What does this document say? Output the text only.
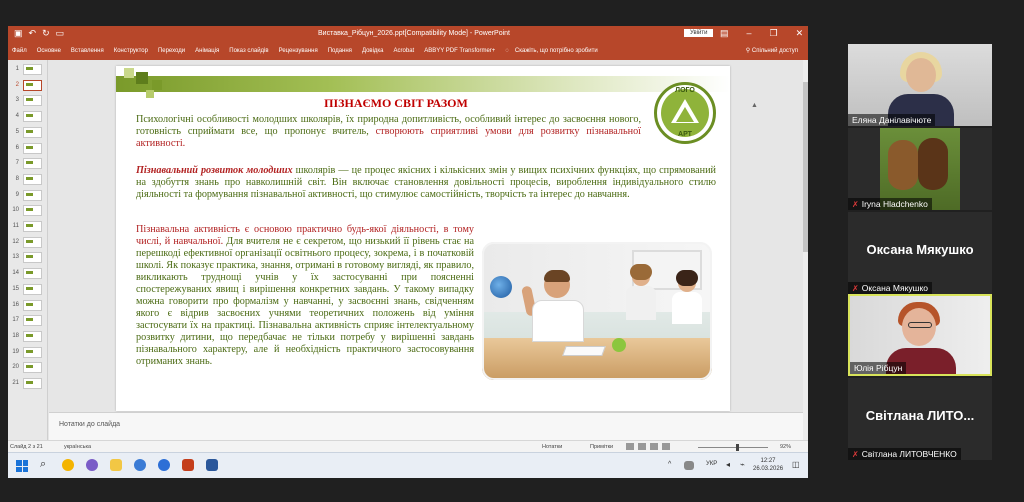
▣ ↶ ↻ ▭	Виставка_Рібцун_2026.ppt[Compatibility Mode] - PowerPoint	Увійти	▤ – ❐ ✕
Файл Основне Вставлення Конструктор Переходи Анімація Показ слайдів Рецензування Подання Довідка Acrobat ABBYY PDF Transformer+ ◌ Скажіть, що потрібно зробити	⚲ Спільний доступ
1
2
3
4
5
6
7
8
9
10
11
12
13
14
15
16
17
18
19
20
21
ЛОГО
АРТ
ПІЗНАЄМО СВІТ РАЗОМ
Психологічні особливості молодших школярів, їх природна допитливість, особливий інтерес до засвоєння нового, готовність сприймати все, що пропонує вчитель, створюють сприятливі умови для розвитку пізнавальної активності.
Пізнавальний розвиток молодших школярів — це процес якісних і кількісних змін у вищих психічних функціях, що спрямований на здобуття знань про навколишній світ. Він включає становлення довільності процесів, вироблення індивідуального стилю діяльності та формування пізнавальної активності, що стимулює самостійність, творчість та інтерес до навчання.
Пізнавальна активність є основою практично будь-якої діяльності, в тому числі, й навчальної. Для вчителя не є секретом, що низький її рівень стає на перешкоді ефективної організації освітнього процесу, зокрема, і в початковій школі. Як показує практика, знання, отримані в готовому вигляді, як правило, викликають труднощі учнів у їх застосуванні при поясненні спостережуваних явищ і вирішення конкретних завдань. У такому випадку можна говорити про формалізм у навчанні, у засвоєнні знань, свідченням якого є відрив засвоєних учнями теоретичних положень від уміння застосувати їх на практиці. Пізнавальна активність сприяє інтелектуальному розвитку дитини, що передбачає не тільки потребу у вирішенні завдань пізнавального характеру, але й необхідність практичного застосовування отриманих знань.
▲
Нотатки до слайда
Слайд 2 з 21	українська	Нотатки	Примітки	92%
⌕	^	УКР ◂ ⌁	12:27
26.03.2026 ◫
Еляна Данілавічюте
✗ Iryna Hladchenko
Оксана Мякушко
✗ Оксана Мякушко
Юлія Рібцун
Світлана ЛИТО...
✗ Світлана ЛИТОВЧЕНКО
